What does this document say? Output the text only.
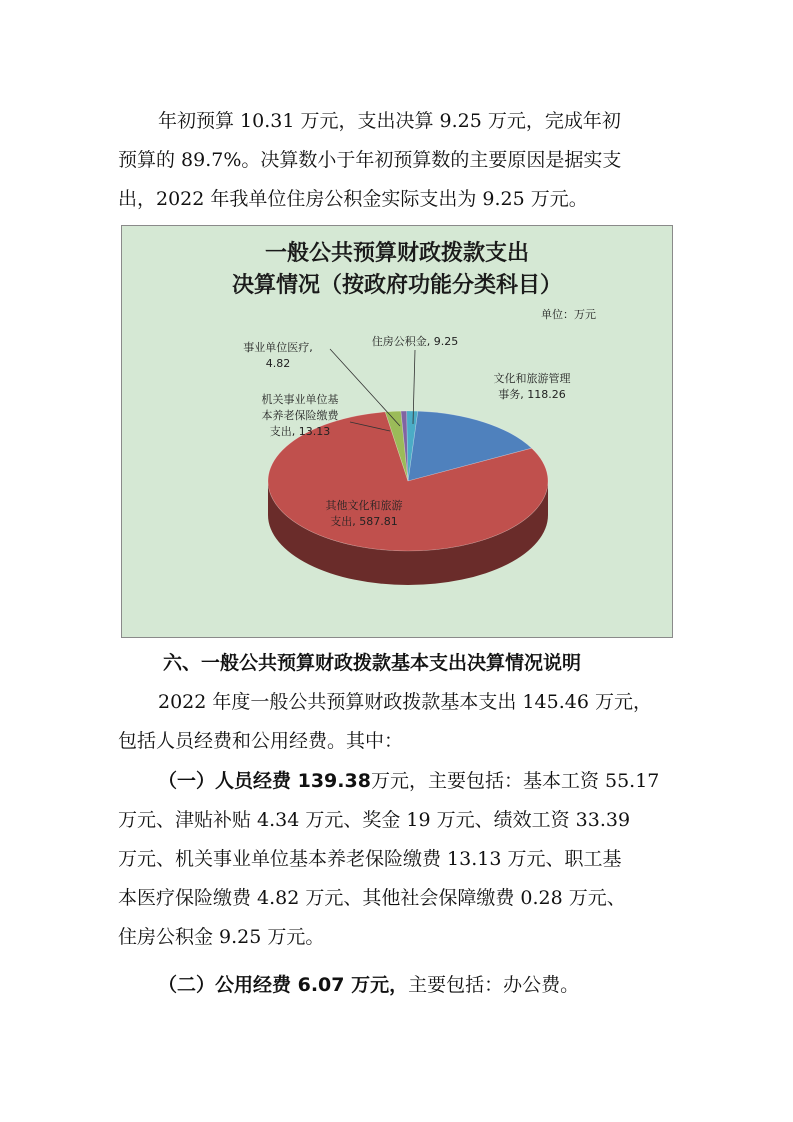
年初预算 10.31 万元，支出决算 9.25 万元，完成年初
预算的 89.7%。决算数小于年初预算数的主要原因是据实支
出，2022 年我单位住房公积金实际支出为 9.25 万元。
一般公共预算财政拨款支出
决算情况（按政府功能分类科目）
单位：万元
文化和旅游管理
事务, 118.26
其他文化和旅游
支出, 587.81
机关事业单位基
本养老保险缴费
支出, 13.13
事业单位医疗,
4.82
住房公积金, 9.25
六、一般公共预算财政拨款基本支出决算情况说明
2022 年度一般公共预算财政拨款基本支出 145.46 万元，
包括人员经费和公用经费。其中：
（一）人员经费 139.38万元，主要包括：基本工资 55.17
万元、津贴补贴 4.34 万元、奖金 19 万元、绩效工资 33.39
万元、机关事业单位基本养老保险缴费 13.13 万元、职工基
本医疗保险缴费 4.82 万元、其他社会保障缴费 0.28 万元、
住房公积金 9.25 万元。
（二）公用经费 6.07 万元，主要包括：办公费。
